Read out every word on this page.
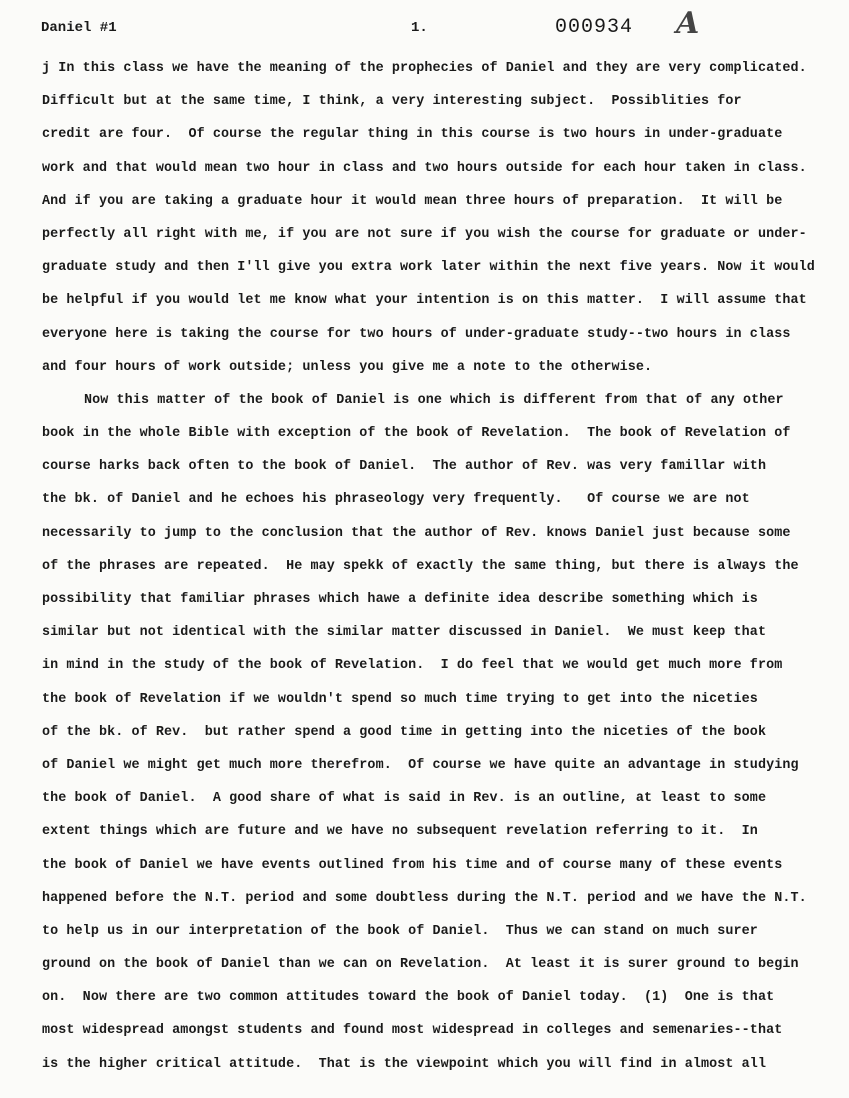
Daniel #1	1.	000934 A
j In this class we have the meaning of the prophecies of Daniel and they are very complicated.
Difficult but at the same time, I think, a very interesting subject.  Possiblities for
credit are four.  Of course the regular thing in this course is two hours in under-graduate
work and that would mean two hour in class and two hours outside for each hour taken in class.
And if you are taking a graduate hour it would mean three hours of preparation.  It will be
perfectly all right with me, if you are not sure if you wish the course for graduate or under-
graduate study and then I'll give you extra work later within the next five years. Now it would
be helpful if you would let me know what your intention is on this matter.  I will assume that
everyone here is taking the course for two hours of under-graduate study--two hours in class
and four hours of work outside; unless you give me a note to the otherwise.
Now this matter of the book of Daniel is one which is different from that of any other
book in the whole Bible with exception of the book of Revelation.  The book of Revelation of
course harks back often to the book of Daniel.  The author of Rev. was very famillar with
the bk. of Daniel and he echoes his phraseology very frequently.   Of course we are not
necessarily to jump to the conclusion that the author of Rev. knows Daniel just because some
of the phrases are repeated.  He may spekk of exactly the same thing, but there is always the
possibility that familiar phrases which hawe a definite idea describe something which is
similar but not identical with the similar matter discussed in Daniel.  We must keep that
in mind in the study of the book of Revelation.  I do feel that we would get much more from
the book of Revelation if we wouldn't spend so much time trying to get into the niceties
of the bk. of Rev.  but rather spend a good time in getting into the niceties of the book
of Daniel we might get much more therefrom.  Of course we have quite an advantage in studying
the book of Daniel.  A good share of what is said in Rev. is an outline, at least to some
extent things which are future and we have no subsequent revelation referring to it.  In
the book of Daniel we have events outlined from his time and of course many of these events
happened before the N.T. period and some doubtless during the N.T. period and we have the N.T.
to help us in our interpretation of the book of Daniel.  Thus we can stand on much surer
ground on the book of Daniel than we can on Revelation.  At least it is surer ground to begin
on.  Now there are two common attitudes toward the book of Daniel today.  (1)  One is that
most widespread amongst students and found most widespread in colleges and semenaries--that
is the higher critical attitude.  That is the viewpoint which you will find in almost all
